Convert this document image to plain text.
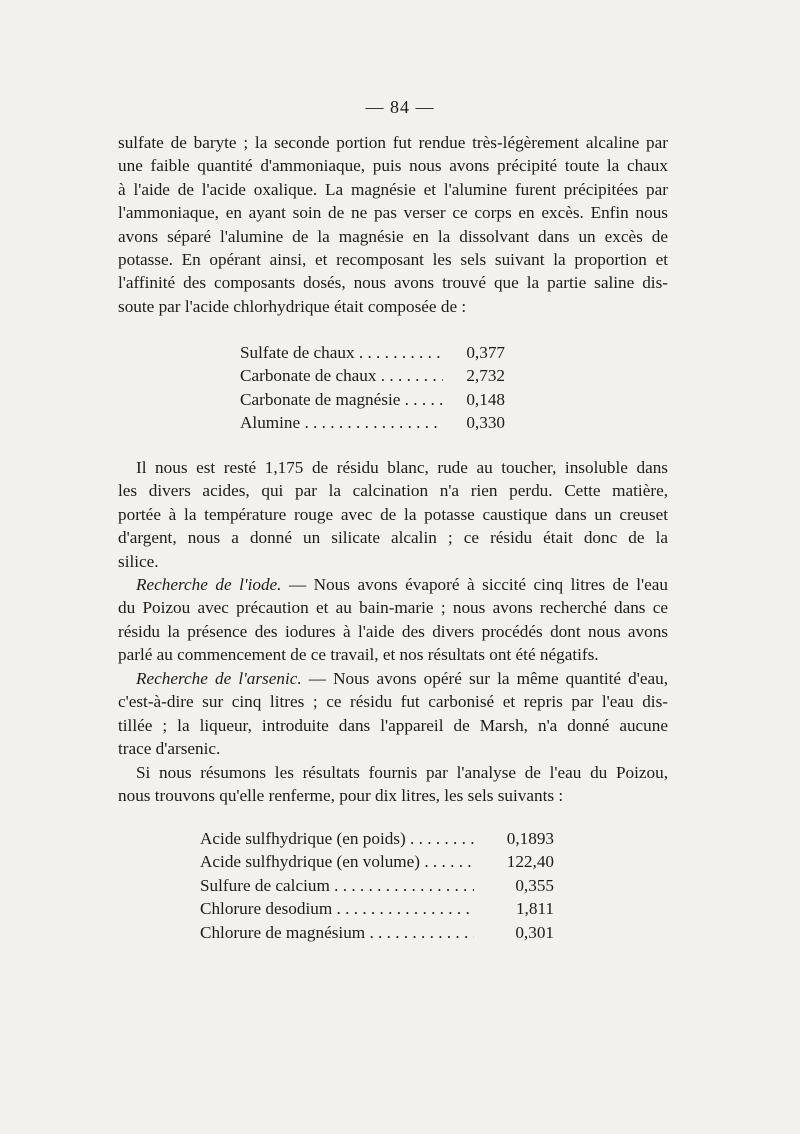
— 84 —
sulfate de baryte ; la seconde portion fut rendue très-légèrement alcaline par
une faible quantité d'ammoniaque, puis nous avons précipité toute la chaux
à l'aide de l'acide oxalique. La magnésie et l'alumine furent précipitées par
l'ammoniaque, en ayant soin de ne pas verser ce corps en excès. Enfin nous
avons séparé l'alumine de la magnésie en la dissolvant dans un excès de
potasse. En opérant ainsi, et recomposant les sels suivant la proportion et
l'affinité des composants dosés, nous avons trouvé que la partie saline dis-
soute par l'acide chlorhydrique était composée de :
Sulfate de chaux . . .	0,377
Carbonate de chaux . . .	2,732
Carbonate de magnésie . . .	0,148
Alumine . . .	0,330
Il nous est resté 1,175 de résidu blanc, rude au toucher, insoluble dans
les divers acides, qui par la calcination n'a rien perdu. Cette matière,
portée à la température rouge avec de la potasse caustique dans un creuset
d'argent, nous a donné un silicate alcalin ; ce résidu était donc de la
silice.
Recherche de l'iode. — Nous avons évaporé à siccité cinq litres de l'eau
du Poizou avec précaution et au bain-marie ; nous avons recherché dans ce
résidu la présence des iodures à l'aide des divers procédés dont nous avons
parlé au commencement de ce travail, et nos résultats ont été négatifs.
Recherche de l'arsenic. — Nous avons opéré sur la même quantité d'eau,
c'est-à-dire sur cinq litres ; ce résidu fut carbonisé et repris par l'eau dis-
tillée ; la liqueur, introduite dans l'appareil de Marsh, n'a donné aucune
trace d'arsenic.
Si nous résumons les résultats fournis par l'analyse de l'eau du Poizou,
nous trouvons qu'elle renferme, pour dix litres, les sels suivants :
Acide sulfhydrique (en poids) . . .	0,1893
Acide sulfhydrique (en volume) . . .	122,40
Sulfure de calcium . . .	0,355
Chlorure desodium . . .	1,811
Chlorure de magnésium . . .	0,301
